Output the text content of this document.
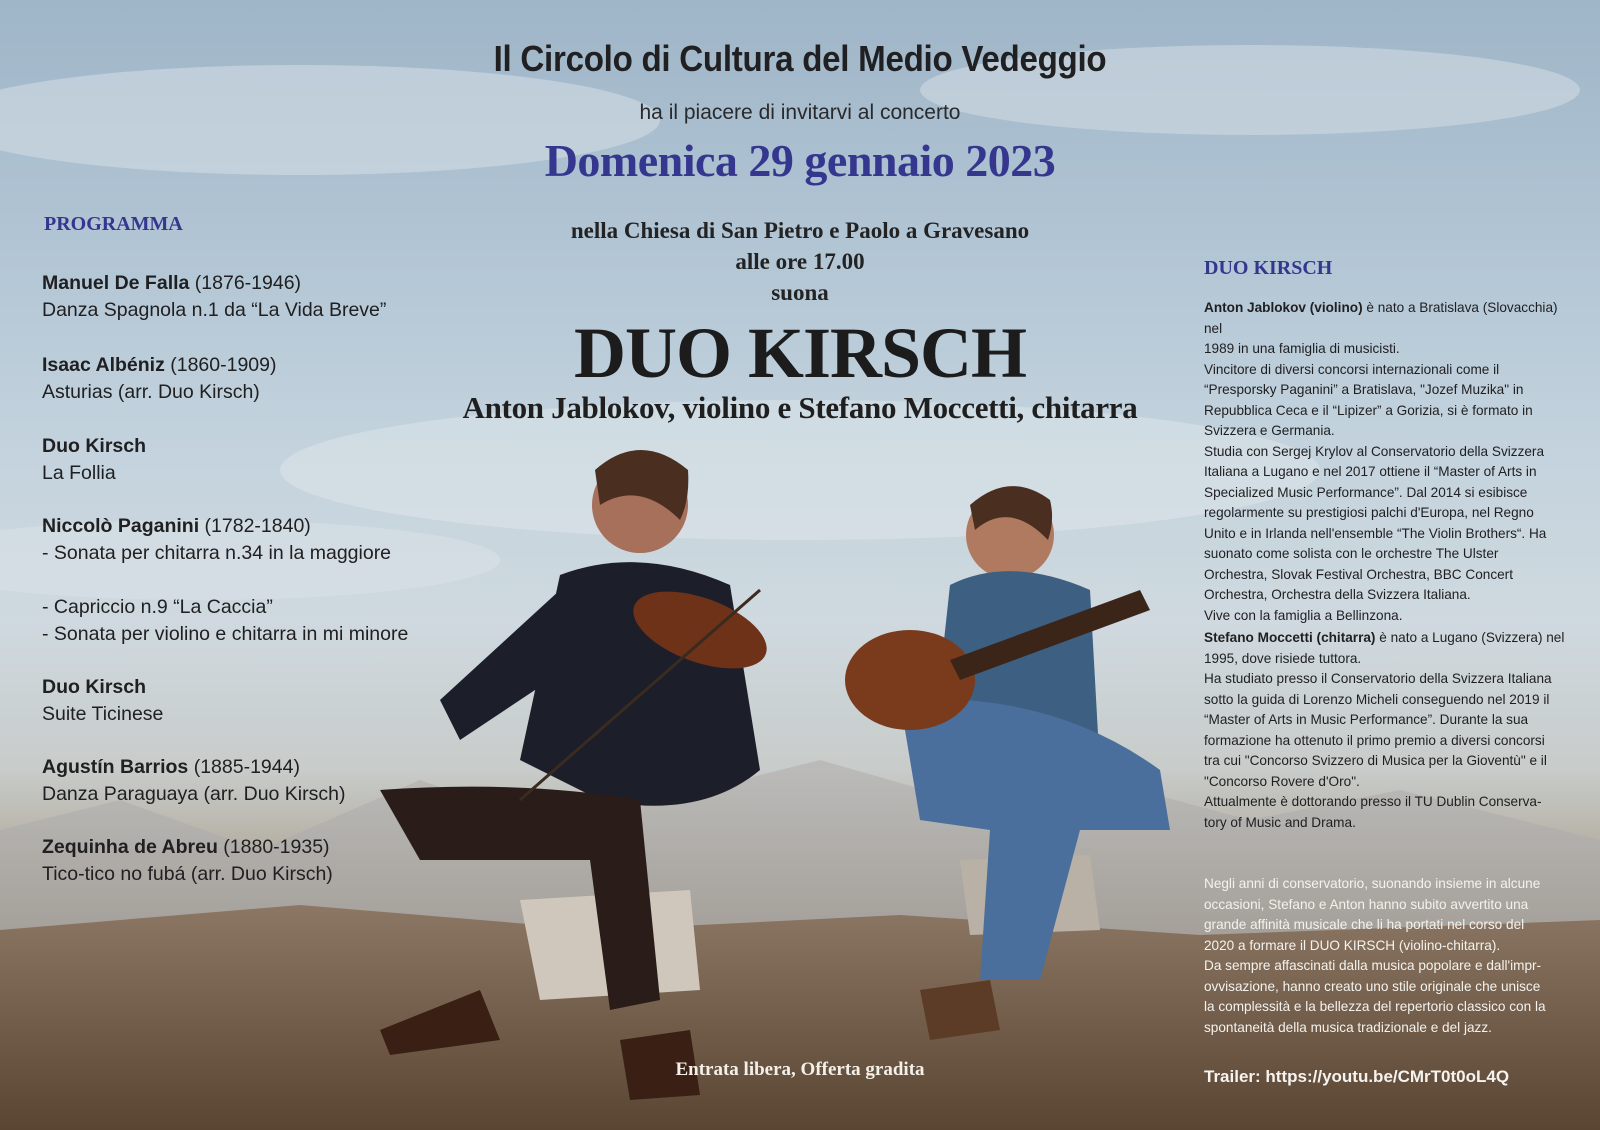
Il Circolo di Cultura del Medio Vedeggio
ha il piacere di invitarvi al concerto
Domenica 29 gennaio 2023
nella Chiesa di San Pietro e Paolo a Gravesano
alle ore 17.00
suona
DUO KIRSCH
Anton Jablokov, violino e Stefano Moccetti, chitarra
PROGRAMMA
Manuel De Falla (1876-1946)
Danza Spagnola n.1 da “La Vida Breve”
Isaac Albéniz (1860-1909)
Asturias (arr. Duo Kirsch)
Duo Kirsch
La Follia
Niccolò Paganini (1782-1840)
- Sonata per chitarra n.34 in la maggiore

- Capriccio n.9 “La Caccia”
- Sonata per violino e chitarra in mi minore
Duo Kirsch
Suite Ticinese
Agustín Barrios (1885-1944)
Danza Paraguaya (arr. Duo Kirsch)
Zequinha de Abreu (1880-1935)
Tico-tico no fubá (arr. Duo Kirsch)
DUO KIRSCH
Anton Jablokov (violino) è nato a Bratislava (Slovacchia) nel
1989 in una famiglia di musicisti.
Vincitore di diversi concorsi internazionali come il
“Presporsky Paganini” a Bratislava, "Jozef Muzika" in
Repubblica Ceca e il “Lipizer” a Gorizia, si è formato in
Svizzera e Germania.
Studia con Sergej Krylov al Conservatorio della Svizzera
Italiana a Lugano e nel 2017 ottiene il “Master of Arts in
Specialized Music Performance”. Dal 2014 si esibisce
regolarmente su prestigiosi palchi d'Europa, nel Regno
Unito e in Irlanda nell'ensemble “The Violin Brothers“. Ha
suonato come solista con le orchestre The Ulster
Orchestra, Slovak Festival Orchestra, BBC Concert
Orchestra, Orchestra della Svizzera Italiana.
Vive con la famiglia a Bellinzona.
Stefano Moccetti (chitarra) è nato a Lugano (Svizzera) nel
1995, dove risiede tuttora.
Ha studiato presso il Conservatorio della Svizzera Italiana
sotto la guida di Lorenzo Micheli conseguendo nel 2019 il
“Master of Arts in Music Performance”. Durante la sua
formazione ha ottenuto il primo premio a diversi concorsi
tra cui "Concorso Svizzero di Musica per la Gioventù" e il
"Concorso Rovere d'Oro".
Attualmente è dottorando presso il TU Dublin Conserva-
tory of Music and Drama.
Negli anni di conservatorio, suonando insieme in alcune
occasioni, Stefano e Anton hanno subito avvertito una
grande affinità musicale che li ha portati nel corso del
2020 a formare il DUO KIRSCH (violino-chitarra).
Da sempre affascinati dalla musica popolare e dall'impr-
ovvisazione, hanno creato uno stile originale che unisce
la complessità e la bellezza del repertorio classico con la
spontaneità della musica tradizionale e del jazz.
Trailer: https://youtu.be/CMrT0t0oL4Q
Entrata libera, Offerta gradita
